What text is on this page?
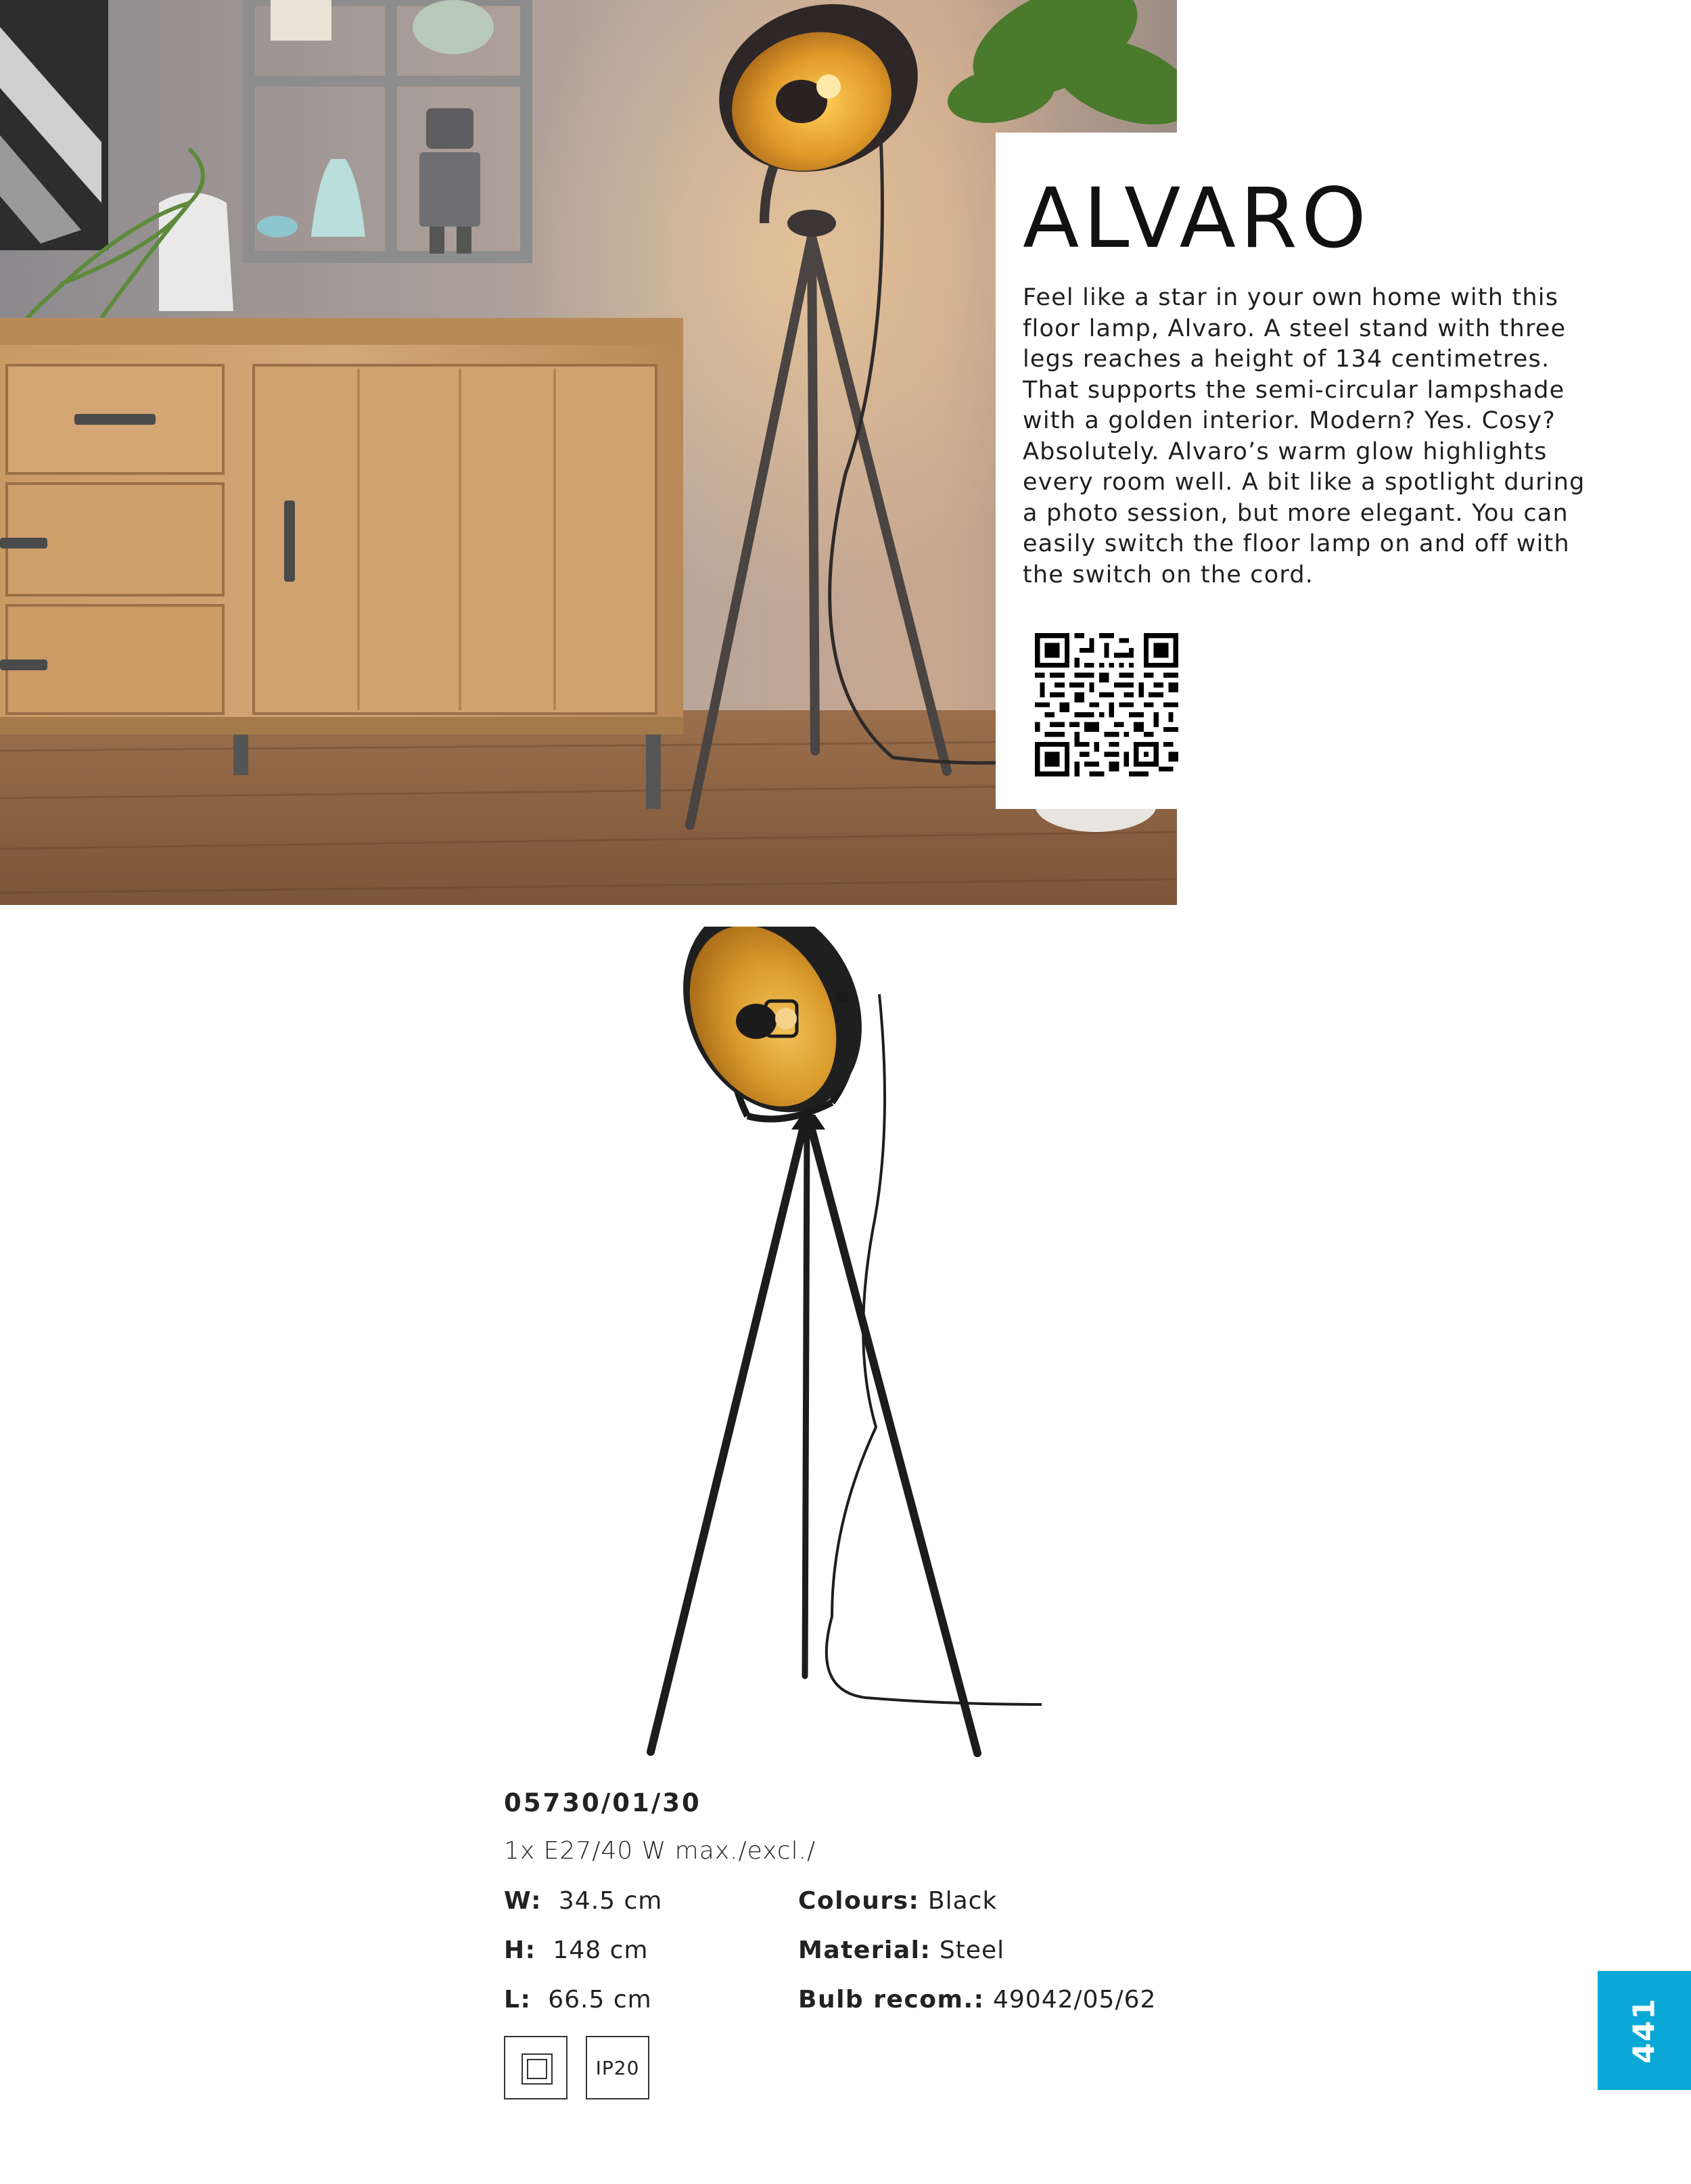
ALVARO

Feel like a star in your own home with this floor lamp, Alvaro. A steel stand with three legs reaches a height of 134 centimetres. That supports the semi-circular lampshade with a golden interior. Modern? Yes. Cosy? Absolutely. Alvaro’s warm glow highlights every room well. A bit like a spotlight during a photo session, but more elegant. You can easily switch the floor lamp on and off with the switch on the cord.

05730/01/30
1x E27/40 W max./excl./
W: 34.5 cm
H: 148 cm
L: 66.5 cm
Colours: Black
Material: Steel
Bulb recom.: 49042/05/62
IP20
441
